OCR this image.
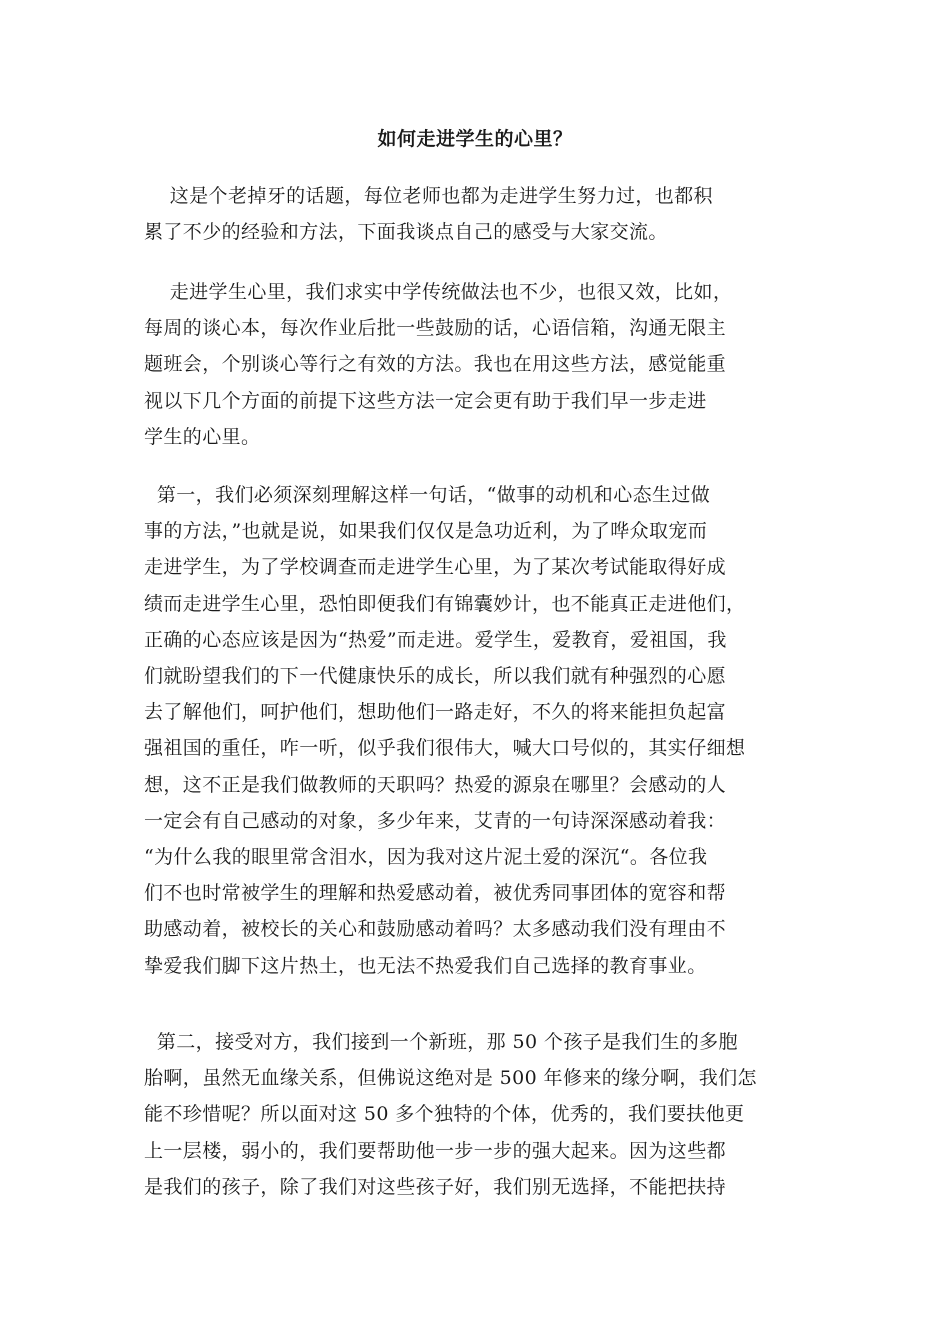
如何走进学生的心里？

这是个老掉牙的话题，每位老师也都为走进学生努力过，也都积
累了不少的经验和方法，下面我谈点自己的感受与大家交流。

走进学生心里，我们求实中学传统做法也不少，也很又效，比如，
每周的谈心本，每次作业后批一些鼓励的话，心语信箱，沟通无限主
题班会，个别谈心等行之有效的方法。我也在用这些方法，感觉能重
视以下几个方面的前提下这些方法一定会更有助于我们早一步走进
学生的心里。

第一，我们必须深刻理解这样一句话，“做事的动机和心态生过做
事的方法，”也就是说，如果我们仅仅是急功近利，为了哗众取宠而
走进学生，为了学校调查而走进学生心里，为了某次考试能取得好成
绩而走进学生心里，恐怕即便我们有锦囊妙计，也不能真正走进他们，
正确的心态应该是因为“热爱”而走进。爱学生，爱教育，爱祖国，我
们就盼望我们的下一代健康快乐的成长，所以我们就有种强烈的心愿
去了解他们，呵护他们，想助他们一路走好，不久的将来能担负起富
强祖国的重任，咋一听，似乎我们很伟大，喊大口号似的，其实仔细想
想，这不正是我们做教师的天职吗？热爱的源泉在哪里？会感动的人
一定会有自己感动的对象，多少年来，艾青的一句诗深深感动着我：
“为什么我的眼里常含泪水，因为我对这片泥土爱的深沉“。各位我
们不也时常被学生的理解和热爱感动着，被优秀同事团体的宽容和帮
助感动着，被校长的关心和鼓励感动着吗？太多感动我们没有理由不
挚爱我们脚下这片热土，也无法不热爱我们自己选择的教育事业。

第二，接受对方，我们接到一个新班，那 50 个孩子是我们生的多胞
胎啊，虽然无血缘关系，但佛说这绝对是 500 年修来的缘分啊，我们怎
能不珍惜呢？所以面对这 50 多个独特的个体，优秀的，我们要扶他更
上一层楼，弱小的，我们要帮助他一步一步的强大起来。因为这些都
是我们的孩子，除了我们对这些孩子好，我们别无选择，不能把扶持
